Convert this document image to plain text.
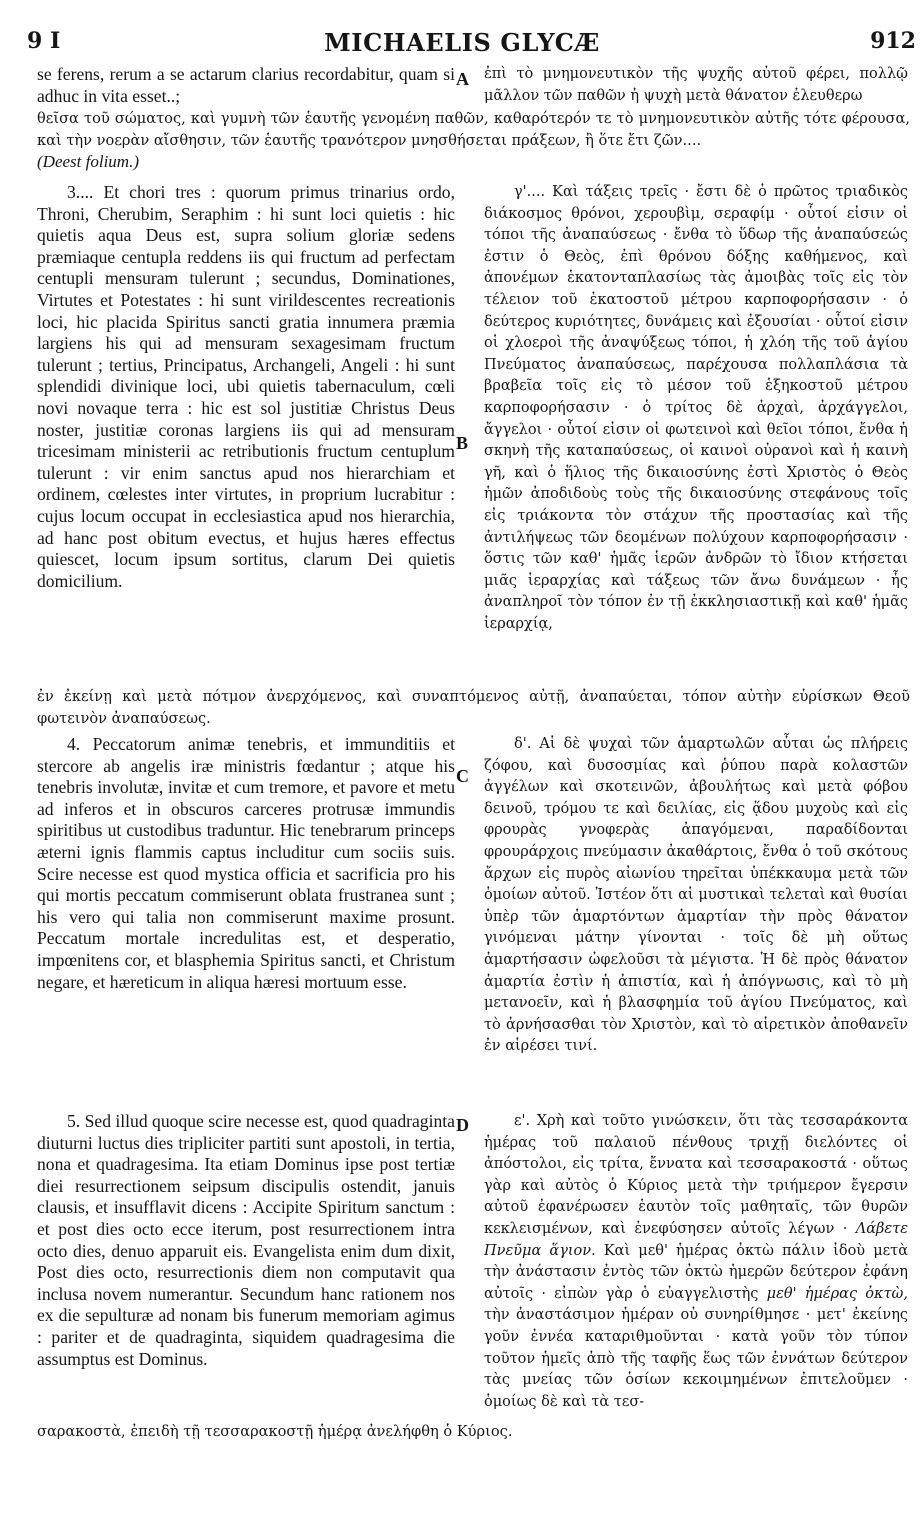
9 I	MICHAELIS GLYCÆ	912
A
B
C
D

se ferens, rerum a se actarum clarius recordabitur, quam si adhuc in vita esset..;

ἐπὶ τὸ μνημονευτικὸν τῆς ψυχῆς αὐτοῦ φέρει, πολλῷ μᾶλλον τῶν παθῶν ἡ ψυχὴ μετὰ θάνατον ἐλευθερω

θεῖσα τοῦ σώματος, καὶ γυμνὴ τῶν ἑαυτῆς γενομένη παθῶν, καθαρότερόν τε τὸ μνημονευτικὸν αὐτῆς τότε φέρουσα, καὶ τὴν νοερὰν αἴσθησιν, τῶν ἑαυτῆς τρανότερον μνησθήσεται πράξεων, ἢ ὅτε ἔτι ζῶν....

(Deest folium.)

3.... Et chori tres : quorum primus trinarius ordo, Throni, Cherubim, Seraphim : hi sunt loci quietis : hic quietis aqua Deus est, supra solium gloriæ sedens præmiaque centupla reddens iis qui fructum ad perfectam centupli mensuram tulerunt ; secundus, Dominationes, Virtutes et Potestates : hi sunt virildescentes recreationis loci, hic placida Spiritus sancti gratia innumera præmia largiens his qui ad mensuram sexagesimam fructum tulerunt ; tertius, Principatus, Archangeli, Angeli : hi sunt splendidi divinique loci, ubi quietis tabernaculum, cœli novi novaque terra : hic est sol justitiæ Christus Deus noster, justitiæ coronas largiens iis qui ad mensuram tricesimam ministerii ac retributionis fructum centuplum tulerunt : vir enim sanctus apud nos hierarchiam et ordinem, cœlestes inter virtutes, in proprium lucrabitur : cujus locum occupat in ecclesiastica apud nos hierarchia, ad hanc post obitum evectus, et hujus hæres effectus quiescet, locum ipsum sortitus, clarum Dei quietis domicilium.

γ'.... Καὶ τάξεις τρεῖς · ἔστι δὲ ὁ πρῶτος τριαδικὸς διάκοσμος θρόνοι, χερουβὶμ, σεραφίμ · οὗτοί εἰσιν οἱ τόποι τῆς ἀναπαύσεως · ἔνθα τὸ ὕδωρ τῆς ἀναπαύσεώς ἐστιν ὁ Θεὸς, ἐπὶ θρόνου δόξης καθήμενος, καὶ ἀπονέμων ἑκατονταπλασίως τὰς ἀμοιβὰς τοῖς εἰς τὸν τέλειον τοῦ ἑκατοστοῦ μέτρου καρποφορήσασιν · ὁ δεύτερος κυριότητες, δυνάμεις καὶ ἐξουσίαι · οὗτοί εἰσιν οἱ χλοεροὶ τῆς ἀναψύξεως τόποι, ἡ χλόη τῆς τοῦ ἁγίου Πνεύματος ἀναπαύσεως, παρέχουσα πολλαπλάσια τὰ βραβεῖα τοῖς εἰς τὸ μέσον τοῦ ἑξηκοστοῦ μέτρου καρποφορήσασιν · ὁ τρίτος δὲ ἀρχαὶ, ἀρχάγγελοι, ἄγγελοι · οὗτοί εἰσιν οἱ φωτεινοὶ καὶ θεῖοι τόποι, ἔνθα ἡ σκηνὴ τῆς καταπαύσεως, οἱ καινοὶ οὐρανοὶ καὶ ἡ καινὴ γῆ, καὶ ὁ ἥλιος τῆς δικαιοσύνης ἐστὶ Χριστὸς ὁ Θεὸς ἡμῶν ἀποδιδοὺς τοὺς τῆς δικαιοσύνης στεφάνους τοῖς εἰς τριάκοντα τὸν στάχυν τῆς προστασίας καὶ τῆς ἀντιλήψεως τῶν δεομένων πολύχουν καρποφορήσασιν · ὅστις τῶν καθ' ἡμᾶς ἱερῶν ἀνδρῶν τὸ ἴδιον κτήσεται μιᾶς ἱεραρχίας καὶ τάξεως τῶν ἄνω δυνάμεων · ἧς ἀναπληροῖ τὸν τόπον ἐν τῇ ἐκκλησιαστικῇ καὶ καθ' ἡμᾶς ἱεραρχίᾳ,

ἐν ἐκείνῃ καὶ μετὰ πότμον ἀνερχόμενος, καὶ συναπτόμενος αὐτῇ, ἀναπαύεται, τόπον αὐτὴν εὑρίσκων Θεοῦ φωτεινὸν ἀναπαύσεως.

4. Peccatorum animæ tenebris, et immunditiis et stercore ab angelis iræ ministris fœdantur ; atque his tenebris involutæ, invitæ et cum tremore, et pavore et metu ad inferos et in obscuros carceres protrusæ immundis spiritibus ut custodibus traduntur. Hic tenebrarum princeps æterni ignis flammis captus includitur cum sociis suis. Scire necesse est quod mystica officia et sacrificia pro his qui mortis peccatum commiserunt oblata frustranea sunt ; his vero qui talia non commiserunt maxime prosunt. Peccatum mortale incredulitas est, et desperatio, impœnitens cor, et blasphemia Spiritus sancti, et Christum negare, et hæreticum in aliqua hæresi mortuum esse.

δ'. Αἱ δὲ ψυχαὶ τῶν ἁμαρτωλῶν αὗται ὡς πλήρεις ζόφου, καὶ δυσοσμίας καὶ ῥύπου παρὰ κολαστῶν ἀγγέλων καὶ σκοτεινῶν, ἀβουλήτως καὶ μετὰ φόβου δεινοῦ, τρόμου τε καὶ δειλίας, εἰς ᾅδου μυχοὺς καὶ εἰς φρουρὰς γνοφερὰς ἀπαγόμεναι, παραδίδονται φρουράρχοις πνεύμασιν ἀκαθάρτοις, ἔνθα ὁ τοῦ σκότους ἄρχων εἰς πυρὸς αἰωνίου τηρεῖται ὑπέκκαυμα μετὰ τῶν ὁμοίων αὐτοῦ. Ἰστέον ὅτι αἱ μυστικαὶ τελεταὶ καὶ θυσίαι ὑπὲρ τῶν ἁμαρτόντων ἁμαρτίαν τὴν πρὸς θάνατον γινόμεναι μάτην γίνονται · τοῖς δὲ μὴ οὕτως ἁμαρτήσασιν ὠφελοῦσι τὰ μέγιστα. Ἡ δὲ πρὸς θάνατον ἁμαρτία ἐστὶν ἡ ἀπιστία, καὶ ἡ ἀπόγνωσις, καὶ τὸ μὴ μετανοεῖν, καὶ ἡ βλασφημία τοῦ ἁγίου Πνεύματος, καὶ τὸ ἀρνήσασθαι τὸν Χριστὸν, καὶ τὸ αἱρετικὸν ἀποθανεῖν ἐν αἱρέσει τινί.

5. Sed illud quoque scire necesse est, quod quadraginta diuturni luctus dies tripliciter partiti sunt apostoli, in tertia, nona et quadragesima. Ita etiam Dominus ipse post tertiæ diei resurrectionem seipsum discipulis ostendit, januis clausis, et insufflavit dicens : Accipite Spiritum sanctum : et post dies octo ecce iterum, post resurrectionem intra octo dies, denuo apparuit eis. Evangelista enim dum dixit, Post dies octo, resurrectionis diem non computavit qua inclusa novem numerantur. Secundum hanc rationem nos ex die sepulturæ ad nonam bis funerum memoriam agimus : pariter et de quadraginta, siquidem quadragesima die assumptus est Dominus.

ε'. Χρὴ καὶ τοῦτο γινώσκειν, ὅτι τὰς τεσσαράκοντα ἡμέρας τοῦ παλαιοῦ πένθους τριχῇ διελόντες οἱ ἀπόστολοι, εἰς τρίτα, ἔννατα καὶ τεσσαρακοστά · οὕτως γὰρ καὶ αὐτὸς ὁ Κύριος μετὰ τὴν τριήμερον ἔγερσιν αὐτοῦ ἐφανέρωσεν ἑαυτὸν τοῖς μαθηταῖς, τῶν θυρῶν κεκλεισμένων, καὶ ἐνεφύσησεν αὐτοῖς λέγων · Λάβετε Πνεῦμα ἅγιον. Καὶ μεθ' ἡμέρας ὀκτὼ πάλιν ἰδοὺ μετὰ τὴν ἀνάστασιν ἐντὸς τῶν ὀκτὼ ἡμερῶν δεύτερον ἐφάνη αὐτοῖς · εἰπὼν γὰρ ὁ εὐαγγελιστὴς μεθ' ἡμέρας ὀκτὼ, τὴν ἀναστάσιμον ἡμέραν οὐ συνηρίθμησε · μετ' ἐκείνης γοῦν ἐννέα καταριθμοῦνται · κατὰ γοῦν τὸν τύπον τοῦτον ἡμεῖς ἀπὸ τῆς ταφῆς ἕως τῶν ἐννάτων δεύτερον τὰς μνείας τῶν ὁσίων κεκοιμημένων ἐπιτελοῦμεν · ὁμοίως δὲ καὶ τὰ τεσ-

σαρακοστὰ, ἐπειδὴ τῇ τεσσαρακοστῇ ἡμέρᾳ ἀνελήφθη ὁ Κύριος.
